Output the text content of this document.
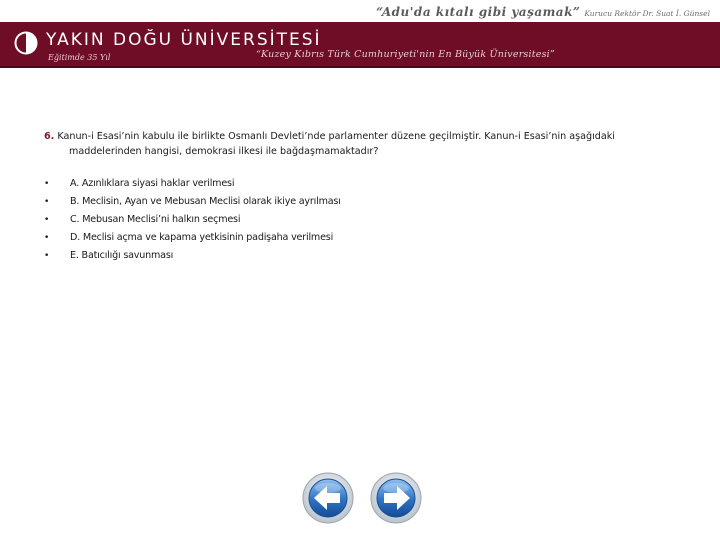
“Adu'da kıtalı gibi yaşamak” Kurucu Rektör Dr. Suat İ. Günsel
YAKIN DOĞU ÜNİVERSİTESİ
Eğitimde 35 Yıl	“Kuzey Kıbrıs Türk Cumhuriyeti'nin En Büyük Üniversitesi”
6. Kanun-i Esasi’nin kabulu ile birlikte Osmanlı Devleti’nde parlamenter düzene geçilmiştir. Kanun-i Esasi’nin aşağıdaki
maddelerinden hangisi, demokrasi ilkesi ile bağdaşmamaktadır?
• A. Azınlıklara siyasi haklar verilmesi
• B. Meclisin, Ayan ve Mebusan Meclisi olarak ikiye ayrılması
• C. Mebusan Meclisi’ni halkın seçmesi
• D. Meclisi açma ve kapama yetkisinin padişaha verilmesi
• E. Batıcılığı savunması
